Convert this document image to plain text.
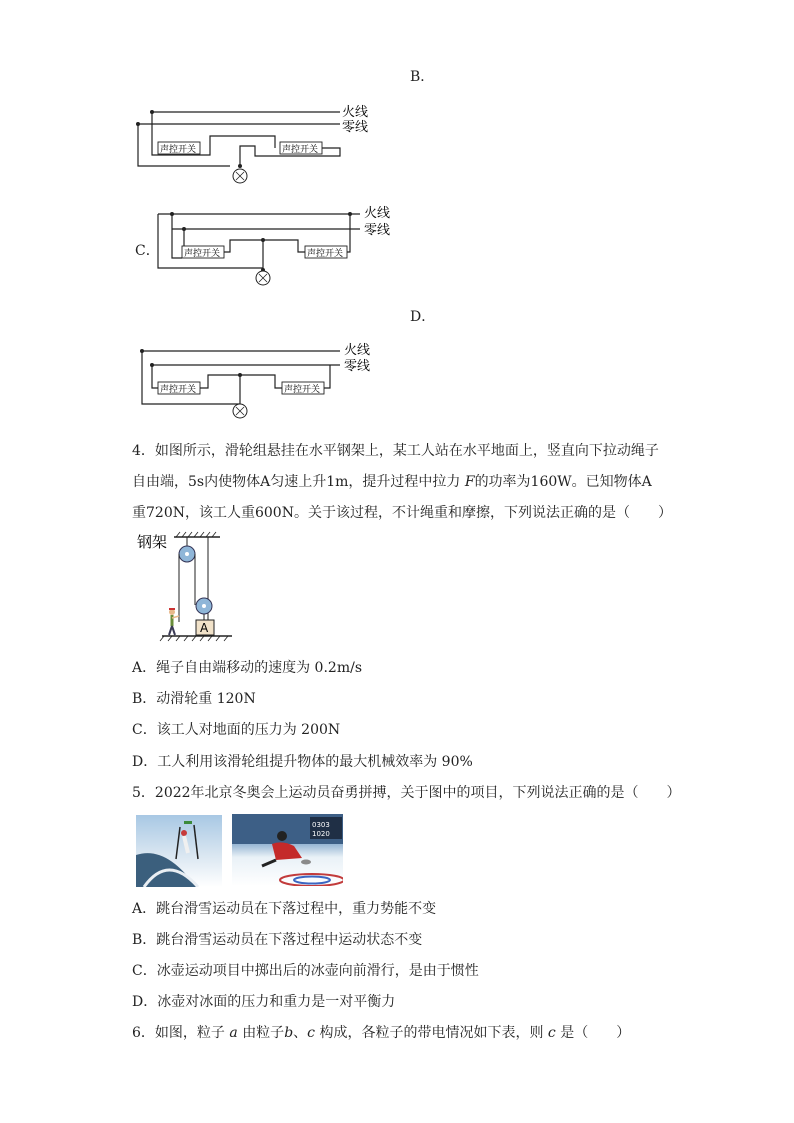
B．
火线
零线
声控开关	声控开关
C．
火线
零线
声控开关	声控开关
D．
火线
零线
声控开关	声控开关
4．如图所示，滑轮组悬挂在水平钢架上，某工人站在水平地面上，竖直向下拉动绳子
自由端，5s内使物体A匀速上升1m，提升过程中拉力 F的功率为160W。已知物体A
重720N，该工人重600N。关于该过程，不计绳重和摩擦，下列说法正确的是（　　）
钢架
A
A．绳子自由端移动的速度为 0.2m/s
B．动滑轮重 120N
C．该工人对地面的压力为 200N
D．工人利用该滑轮组提升物体的最大机械效率为 90%
5．2022年北京冬奥会上运动员奋勇拼搏，关于图中的项目，下列说法正确的是（　　）
0303
1020
A．跳台滑雪运动员在下落过程中，重力势能不变
B．跳台滑雪运动员在下落过程中运动状态不变
C．冰壶运动项目中掷出后的冰壶向前滑行，是由于惯性
D．冰壶对冰面的压力和重力是一对平衡力
6．如图，粒子 a 由粒子b、c 构成，各粒子的带电情况如下表，则 c 是（　　）
